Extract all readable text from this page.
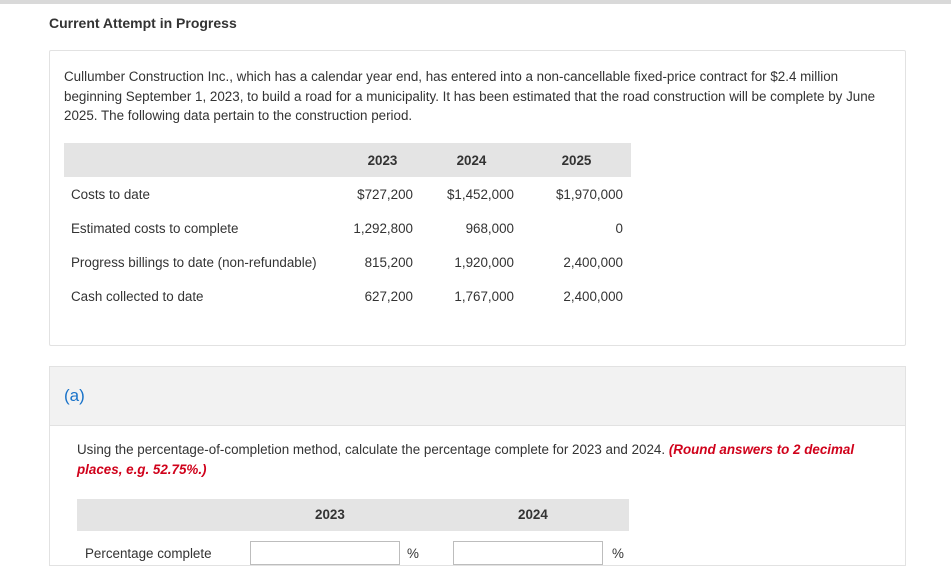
Current Attempt in Progress
Cullumber Construction Inc., which has a calendar year end, has entered into a non-cancellable fixed-price contract for $2.4 million beginning September 1, 2023, to build a road for a municipality. It has been estimated that the road construction will be complete by June 2025. The following data pertain to the construction period.
	2023	2024	2025
Costs to date	$727,200	$1,452,000	$1,970,000
Estimated costs to complete	1,292,800	968,000	0
Progress billings to date (non-refundable)	815,200	1,920,000	2,400,000
Cash collected to date	627,200	1,767,000	2,400,000
(a)
Using the percentage-of-completion method, calculate the percentage complete for 2023 and 2024. (Round answers to 2 decimal places, e.g. 52.75%.)
2023	2024
Percentage complete	%	%
